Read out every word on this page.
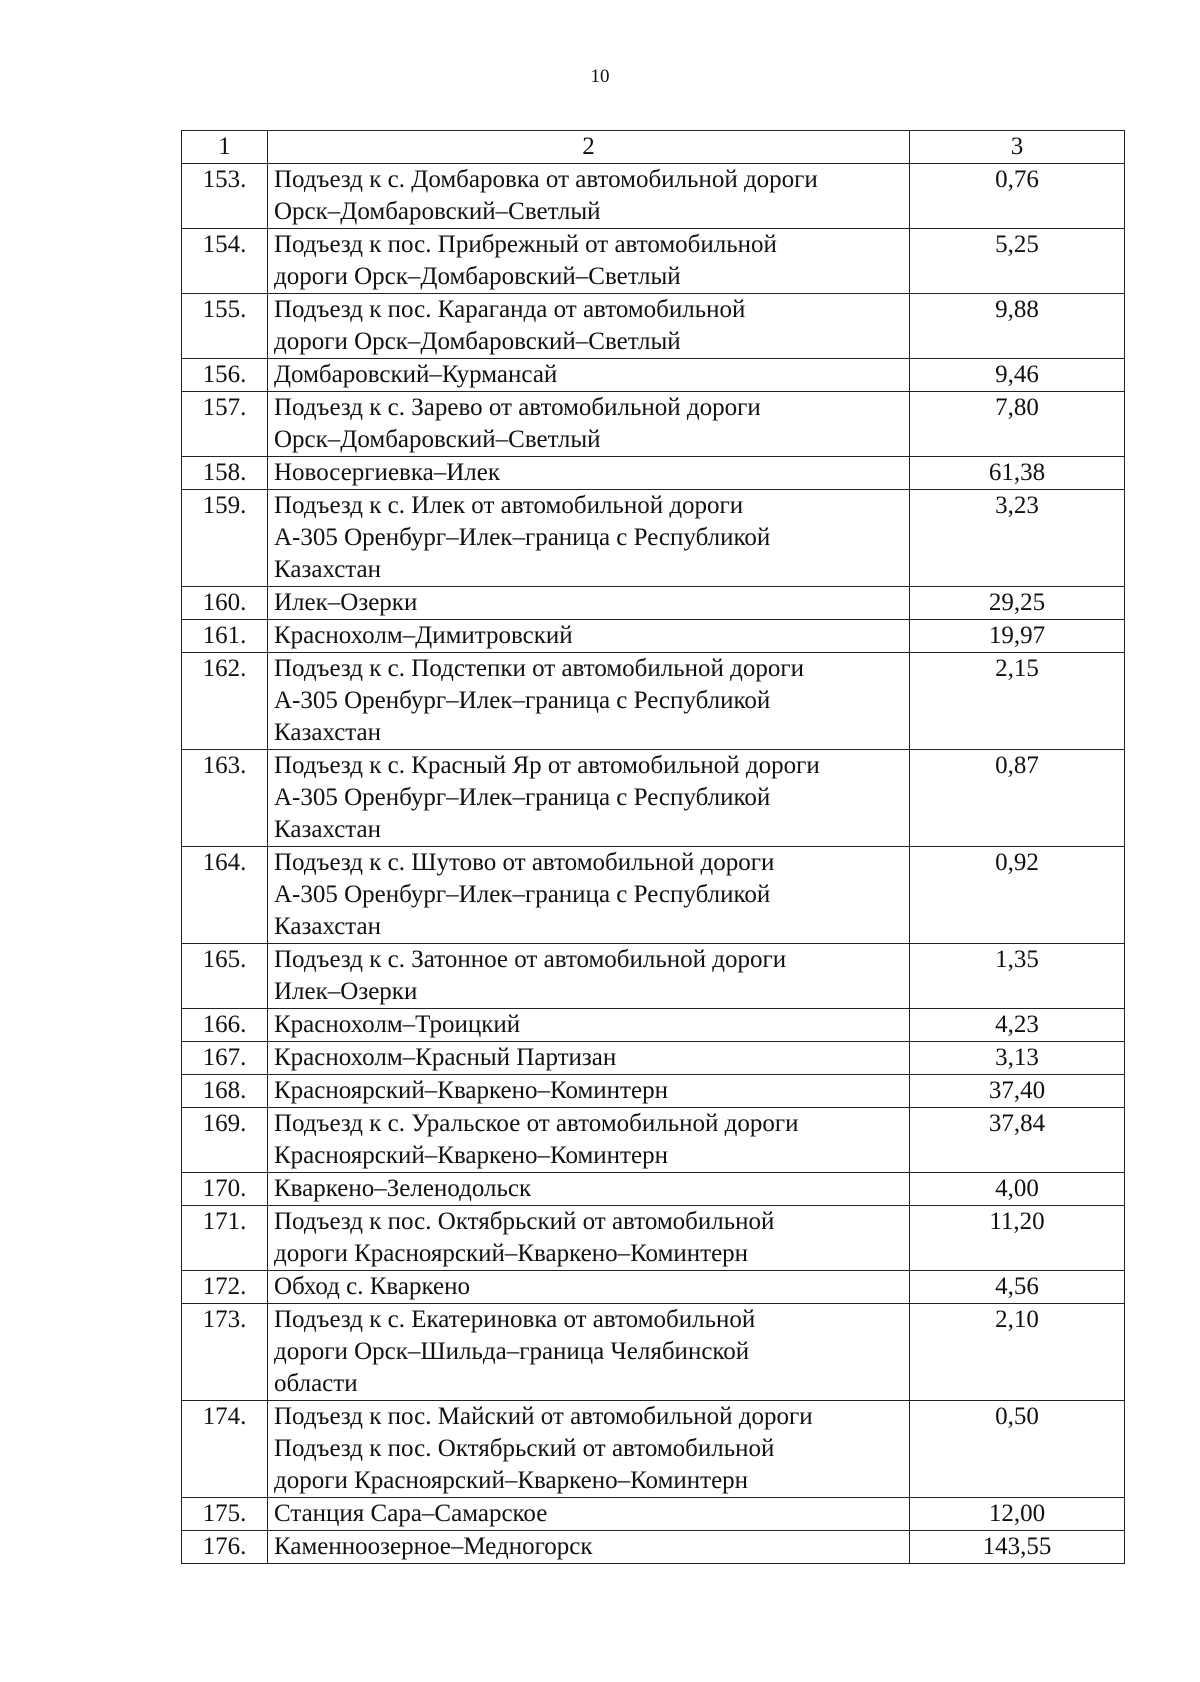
10
1	2	3
153.	Подъезд к с. Домбаровка от автомобильной дороги
Орск–Домбаровский–Светлый	0,76
154.	Подъезд к пос. Прибрежный от автомобильной
дороги Орск–Домбаровский–Светлый	5,25
155.	Подъезд к пос. Караганда от автомобильной
дороги Орск–Домбаровский–Светлый	9,88
156.	Домбаровский–Курмансай	9,46
157.	Подъезд к с. Зарево от автомобильной дороги
Орск–Домбаровский–Светлый	7,80
158.	Новосергиевка–Илек	61,38
159.	Подъезд к с. Илек от автомобильной дороги
А-305 Оренбург–Илек–граница с Республикой
Казахстан	3,23
160.	Илек–Озерки	29,25
161.	Краснохолм–Димитровский	19,97
162.	Подъезд к с. Подстепки от автомобильной дороги
А-305 Оренбург–Илек–граница с Республикой
Казахстан	2,15
163.	Подъезд к с. Красный Яр от автомобильной дороги
А-305 Оренбург–Илек–граница с Республикой
Казахстан	0,87
164.	Подъезд к с. Шутово от автомобильной дороги
А-305 Оренбург–Илек–граница с Республикой
Казахстан	0,92
165.	Подъезд к с. Затонное от автомобильной дороги
Илек–Озерки	1,35
166.	Краснохолм–Троицкий	4,23
167.	Краснохолм–Красный Партизан	3,13
168.	Красноярский–Кваркено–Коминтерн	37,40
169.	Подъезд к с. Уральское от автомобильной дороги
Красноярский–Кваркено–Коминтерн	37,84
170.	Кваркено–Зеленодольск	4,00
171.	Подъезд к пос. Октябрьский от автомобильной
дороги Красноярский–Кваркено–Коминтерн	11,20
172.	Обход с. Кваркено	4,56
173.	Подъезд к с. Екатериновка от автомобильной
дороги Орск–Шильда–граница Челябинской
области	2,10
174.	Подъезд к пос. Майский от автомобильной дороги
Подъезд к пос. Октябрьский от автомобильной
дороги Красноярский–Кваркено–Коминтерн	0,50
175.	Станция Сара–Самарское	12,00
176.	Каменноозерное–Медногорск	143,55
